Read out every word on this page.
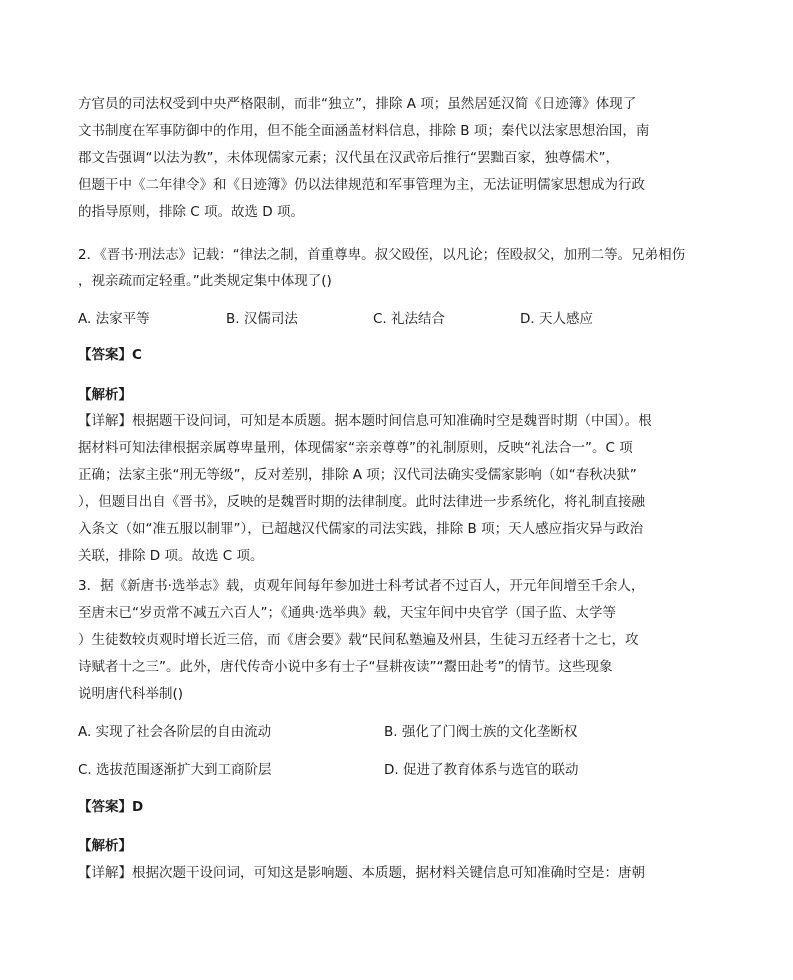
方官员的司法权受到中央严格限制，而非“独立”，排除 A 项；虽然居延汉简《日迹簿》体现了
文书制度在军事防御中的作用，但不能全面涵盖材料信息，排除 B 项；秦代以法家思想治国，南
郡文告强调“以法为教”，未体现儒家元素；汉代虽在汉武帝后推行“罢黜百家，独尊儒术”，
但题干中《二年律令》和《日迹簿》仍以法律规范和军事管理为主，无法证明儒家思想成为行政
的指导原则，排除 C 项。故选 D 项。
2．《晋书·刑法志》记载：“律法之制，首重尊卑。叔父殴侄，以凡论；侄殴叔父，加刑二等。兄弟相伤
，视亲疏而定轻重。”此类规定集中体现了()
A. 法家平等	B. 汉儒司法	C. 礼法结合	D. 天人感应
【答案】C
【解析】
【详解】根据题干设问词，可知是本质题。据本题时间信息可知准确时空是魏晋时期（中国）。根
据材料可知法律根据亲属尊卑量刑，体现儒家“亲亲尊尊”的礼制原则，反映“礼法合一”。C 项
正确；法家主张“刑无等级”，反对差别，排除 A 项；汉代司法确实受儒家影响（如“春秋决狱”
），但题目出自《晋书》，反映的是魏晋时期的法律制度。此时法律进一步系统化，将礼制直接融
入条文（如“准五服以制罪”），已超越汉代儒家的司法实践，排除 B 项；天人感应指灾异与政治
关联，排除 D 项。故选 C 项。
3．据《新唐书·选举志》载，贞观年间每年参加进士科考试者不过百人，开元年间增至千余人，
至唐末已“岁贡常不减五六百人”；《通典·选举典》载，天宝年间中央官学（国子监、太学等
）生徒数较贞观时增长近三倍，而《唐会要》载“民间私塾遍及州县，生徒习五经者十之七，攻
诗赋者十之三”。此外，唐代传奇小说中多有士子“昼耕夜读”“鬻田赴考”的情节。这些现象
说明唐代科举制()
A. 实现了社会各阶层的自由流动	B. 强化了门阀士族的文化垄断权
C. 选拔范围逐渐扩大到工商阶层	D. 促进了教育体系与选官的联动
【答案】D
【解析】
【详解】根据次题干设问词，可知这是影响题、本质题，据材料关键信息可知准确时空是：唐朝
